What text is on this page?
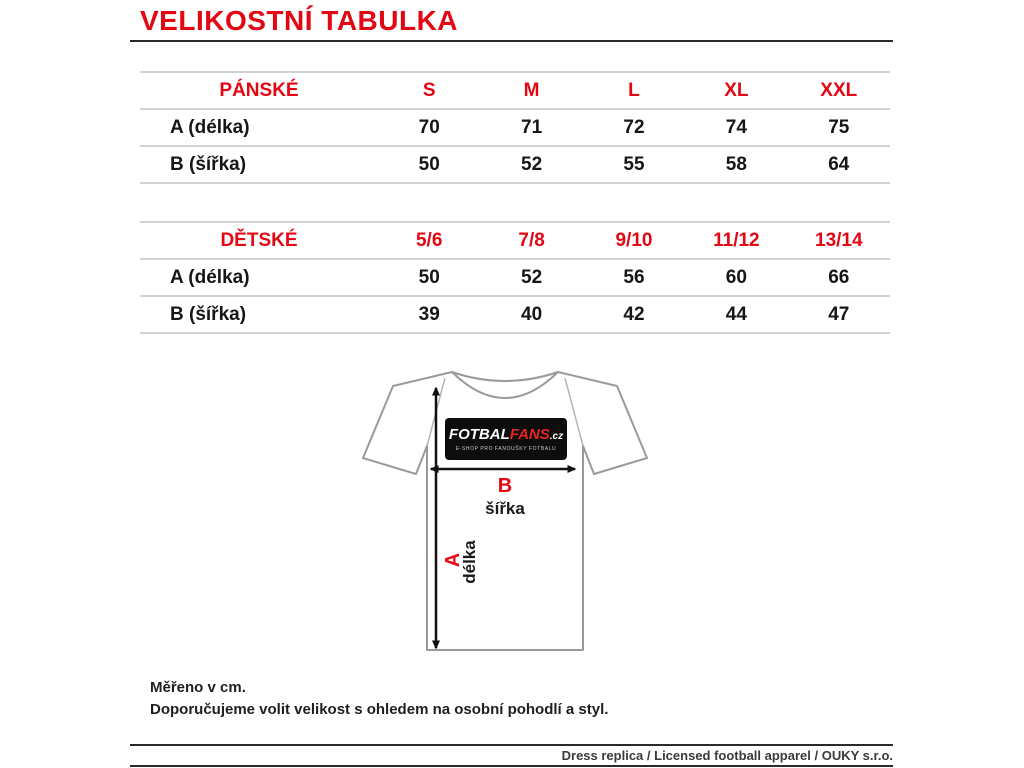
VELIKOSTNÍ TABULKA
PÁNSKÉ	S	M	L	XL	XXL
A (délka)	70	71	72	74	75
B (šířka)	50	52	55	58	64
DĚTSKÉ	5/6	7/8	9/10	11/12	13/14
A (délka)	50	52	56	60	66
B (šířka)	39	40	42	44	47
FOTBALFANS.cz
E-SHOP PRO FANOUŠKY FOTBALU
B
šířka
A
délka
Měřeno v cm.
Doporučujeme volit velikost s ohledem na osobní pohodlí a styl.
Dress replica / Licensed football apparel / OUKY s.r.o.
